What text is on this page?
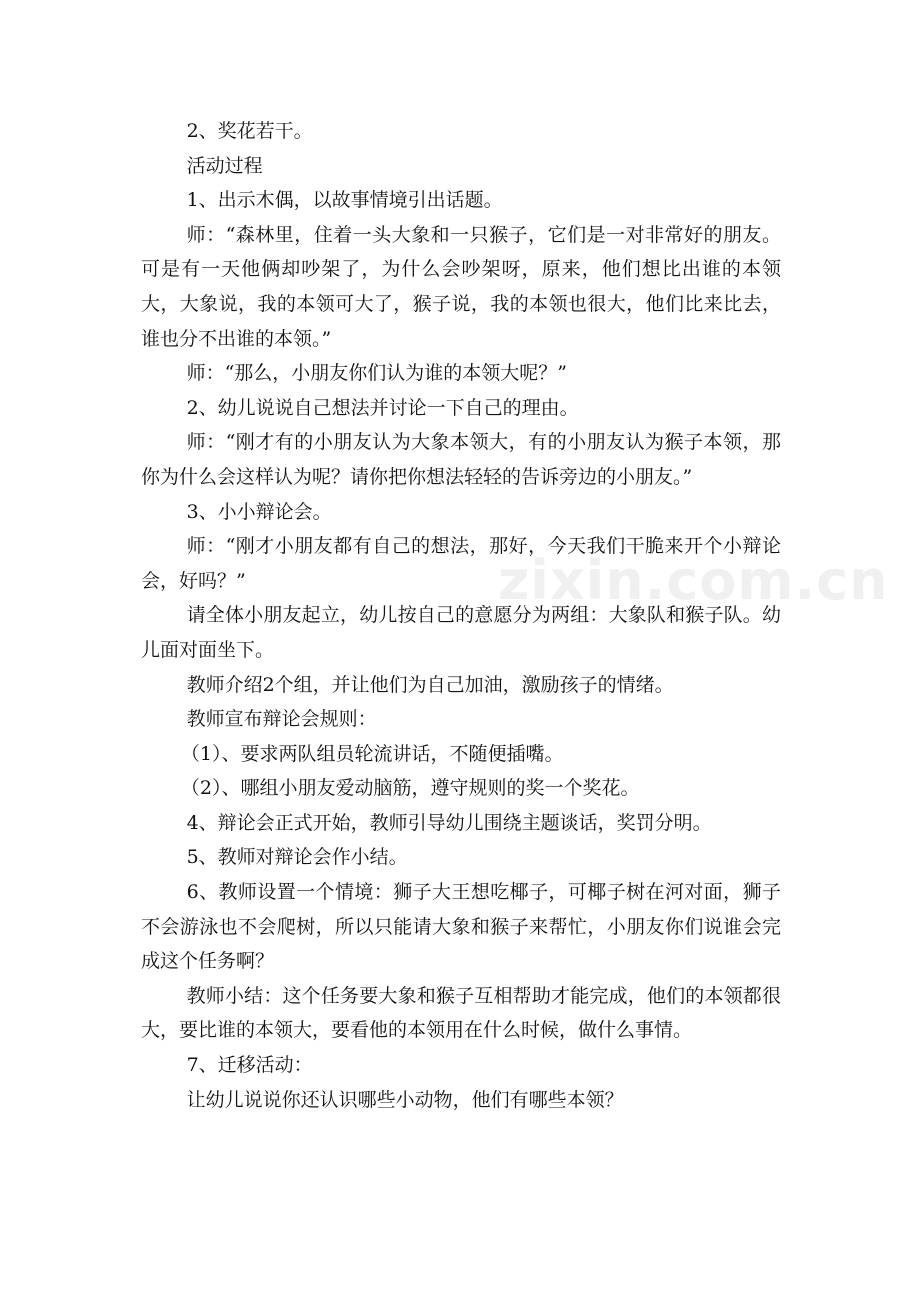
2、奖花若干。

活动过程

1、出示木偶，以故事情境引出话题。

师：“森林里，住着一头大象和一只猴子，它们是一对非常好的朋友。可是有一天他俩却吵架了，为什么会吵架呀，原来，他们想比出谁的本领大，大象说，我的本领可大了，猴子说，我的本领也很大，他们比来比去，谁也分不出谁的本领。”

师：“那么，小朋友你们认为谁的本领大呢？”

2、幼儿说说自己想法并讨论一下自己的理由。

师：“刚才有的小朋友认为大象本领大，有的小朋友认为猴子本领，那你为什么会这样认为呢？请你把你想法轻轻的告诉旁边的小朋友。”

3、小小辩论会。

师：“刚才小朋友都有自己的想法，那好，今天我们干脆来开个小辩论会，好吗？”

请全体小朋友起立，幼儿按自己的意愿分为两组：大象队和猴子队。幼儿面对面坐下。

教师介绍2个组，并让他们为自己加油，激励孩子的情绪。

教师宣布辩论会规则：

（1）、要求两队组员轮流讲话，不随便插嘴。

（2）、哪组小朋友爱动脑筋，遵守规则的奖一个奖花。

4、辩论会正式开始，教师引导幼儿围绕主题谈话，奖罚分明。

5、教师对辩论会作小结。

6、教师设置一个情境：狮子大王想吃椰子，可椰子树在河对面，狮子不会游泳也不会爬树，所以只能请大象和猴子来帮忙，小朋友你们说谁会完成这个任务啊？

教师小结：这个任务要大象和猴子互相帮助才能完成，他们的本领都很大，要比谁的本领大，要看他的本领用在什么时候，做什么事情。

7、迁移活动：

让幼儿说说你还认识哪些小动物，他们有哪些本领？

zixin.com.cn
